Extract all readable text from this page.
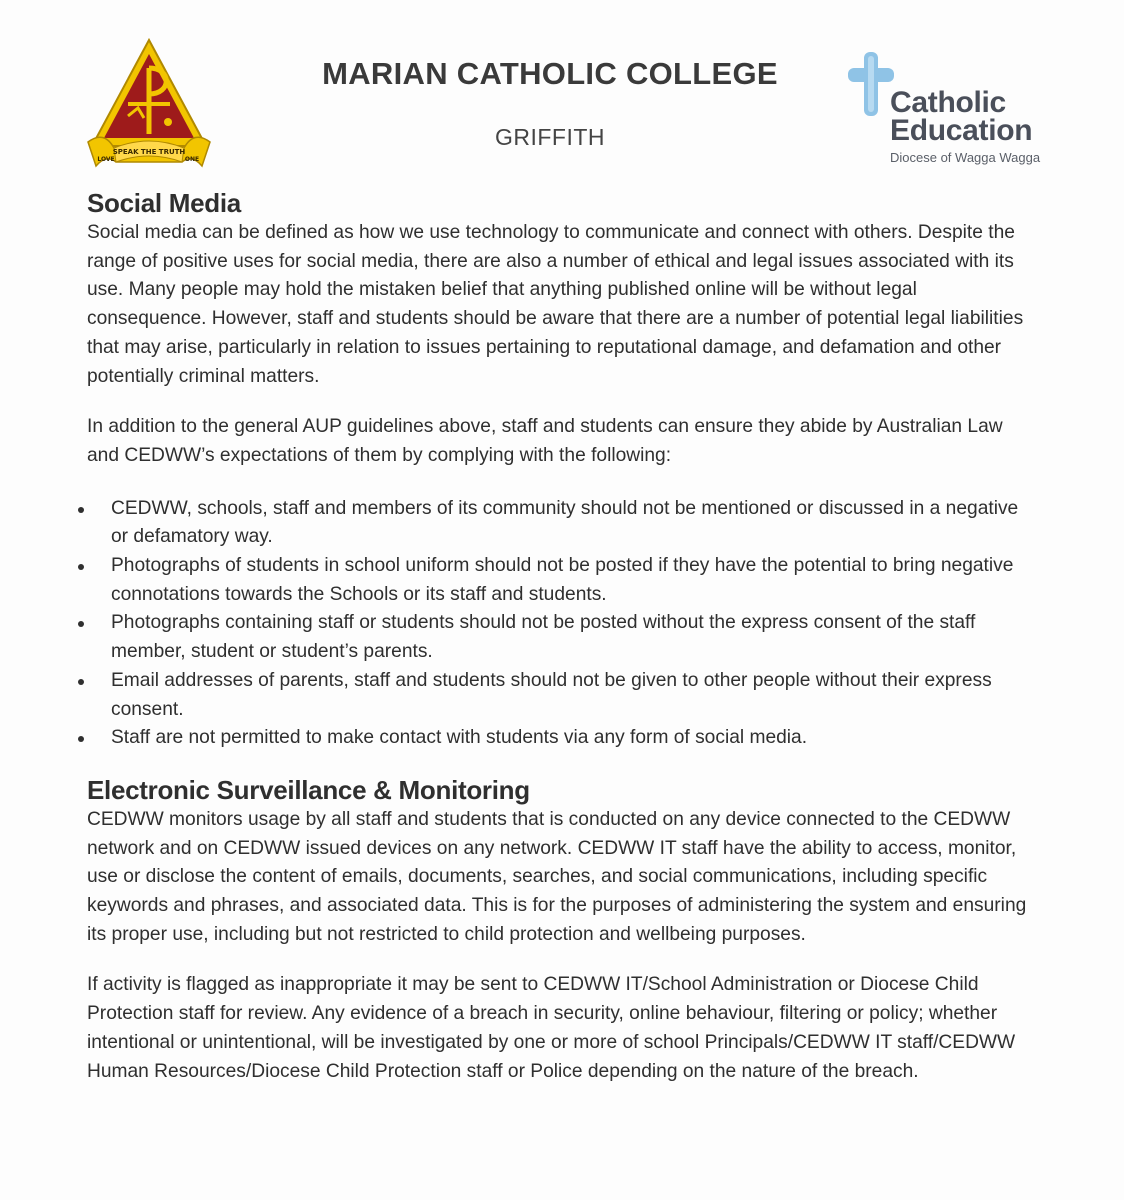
SPEAK THE TRUTH
LOVE	ONE
MARIAN CATHOLIC COLLEGE
GRIFFITH
Catholic
Education
Diocese of Wagga Wagga
Social Media

Social media can be defined as how we use technology to communicate and connect with others. Despite the range of positive uses for social media, there are also a number of ethical and legal issues associated with its use. Many people may hold the mistaken belief that anything published online will be without legal consequence. However, staff and students should be aware that there are a number of potential legal liabilities that may arise, particularly in relation to issues pertaining to reputational damage, and defamation and other potentially criminal matters.

In addition to the general AUP guidelines above, staff and students can ensure they abide by Australian Law and CEDWW’s expectations of them by complying with the following:

CEDWW, schools, staff and members of its community should not be mentioned or discussed in a negative or defamatory way.
Photographs of students in school uniform should not be posted if they have the potential to bring negative connotations towards the Schools or its staff and students.
Photographs containing staff or students should not be posted without the express consent of the staff member, student or student’s parents.
Email addresses of parents, staff and students should not be given to other people without their express consent.
Staff are not permitted to make contact with students via any form of social media.
Electronic Surveillance & Monitoring

CEDWW monitors usage by all staff and students that is conducted on any device connected to the CEDWW network and on CEDWW issued devices on any network. CEDWW IT staff have the ability to access, monitor, use or disclose the content of emails, documents, searches, and social communications, including specific keywords and phrases, and associated data. This is for the purposes of administering the system and ensuring its proper use, including but not restricted to child protection and wellbeing purposes.

If activity is flagged as inappropriate it may be sent to CEDWW IT/School Administration or Diocese Child Protection staff for review. Any evidence of a breach in security, online behaviour, filtering or policy; whether intentional or unintentional, will be investigated by one or more of school Principals/CEDWW IT staff/CEDWW Human Resources/Diocese Child Protection staff or Police depending on the nature of the breach.
